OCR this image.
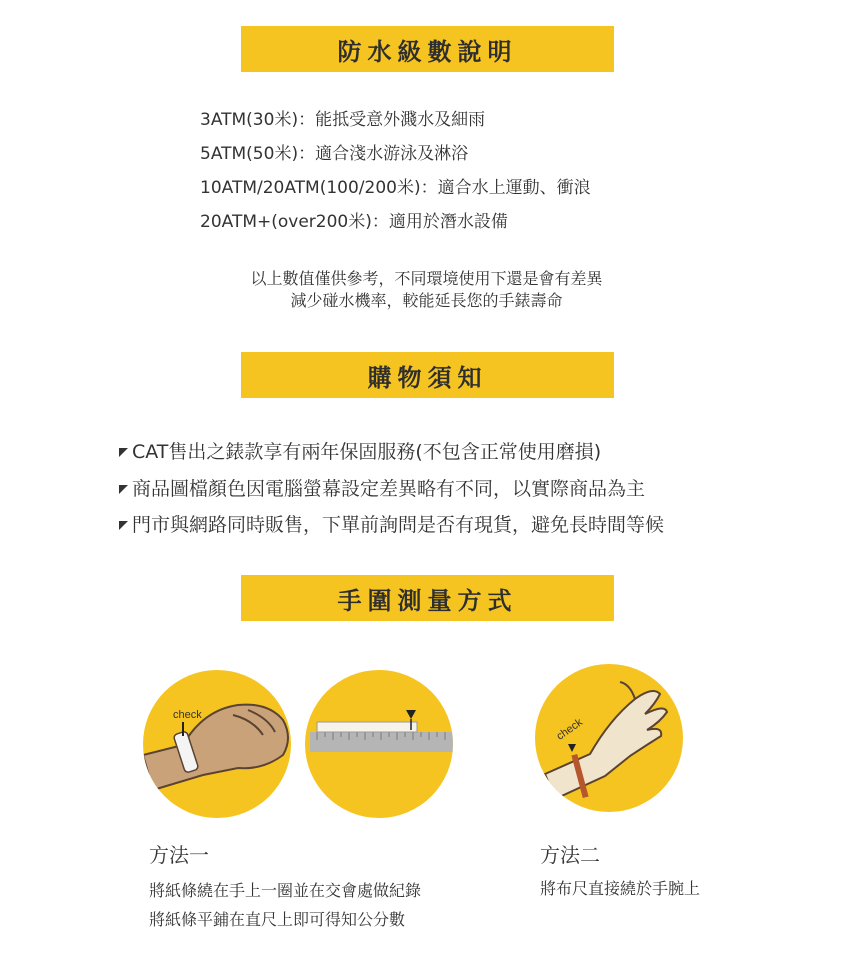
防水級數說明
3ATM(30米)：能抵受意外濺水及細雨
5ATM(50米)：適合淺水游泳及淋浴
10ATM/20ATM(100/200米)：適合水上運動、衝浪
20ATM+(over200米)：適用於潛水設備
以上數值僅供參考，不同環境使用下還是會有差異
減少碰水機率，較能延長您的手錶壽命
購物須知
CAT售出之錶款享有兩年保固服務(不包含正常使用磨損)
商品圖檔顏色因電腦螢幕設定差異略有不同，以實際商品為主
門市與網路同時販售，下單前詢問是否有現貨，避免長時間等候
手圍測量方式
check
check
方法一
將紙條繞在手上一圈並在交會處做紀錄
將紙條平鋪在直尺上即可得知公分數
方法二
將布尺直接繞於手腕上
